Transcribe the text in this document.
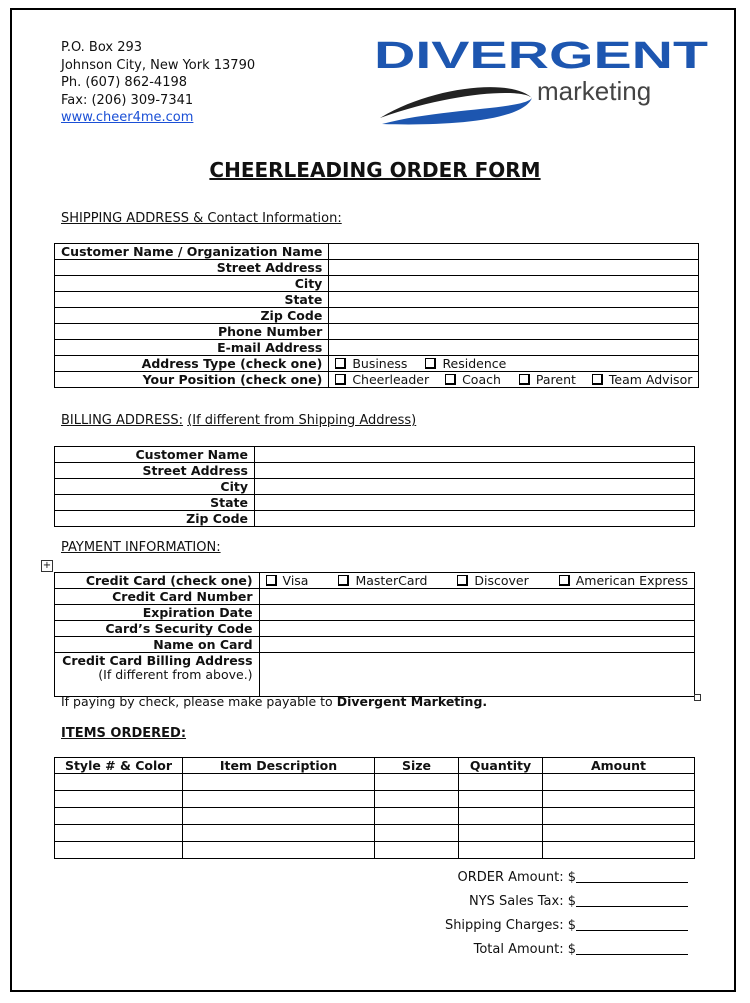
P.O. Box 293
Johnson City, New York 13790
Ph. (607) 862-4198
Fax: (206) 309-7341
www.cheer4me.com
DIVERGENT
marketing
CHEERLEADING ORDER FORM
SHIPPING ADDRESS & Contact Information:
Customer Name / Organization Name	
Street Address	
City	
State	
Zip Code	
Phone Number	
E-mail Address	
Address Type (check one)	Business Residence
Your Position (check one)	Cheerleader Coach Parent Team Advisor
BILLING ADDRESS: (If different from Shipping Address)
Customer Name	
Street Address	
City	
State	
Zip Code	
PAYMENT INFORMATION:
+
Credit Card (check one)	Visa MasterCard Discover American Express
Credit Card Number	
Expiration Date	
Card’s Security Code	
Name on Card	

Credit Card Billing Address
(If different from above.)	

If paying by check, please make payable to Divergent Marketing.
ITEMS ORDERED:
Style # & Color	Item Description	Size	Quantity	Amount

ORDER Amount: $
NYS Sales Tax: $
Shipping Charges: $
Total Amount: $
